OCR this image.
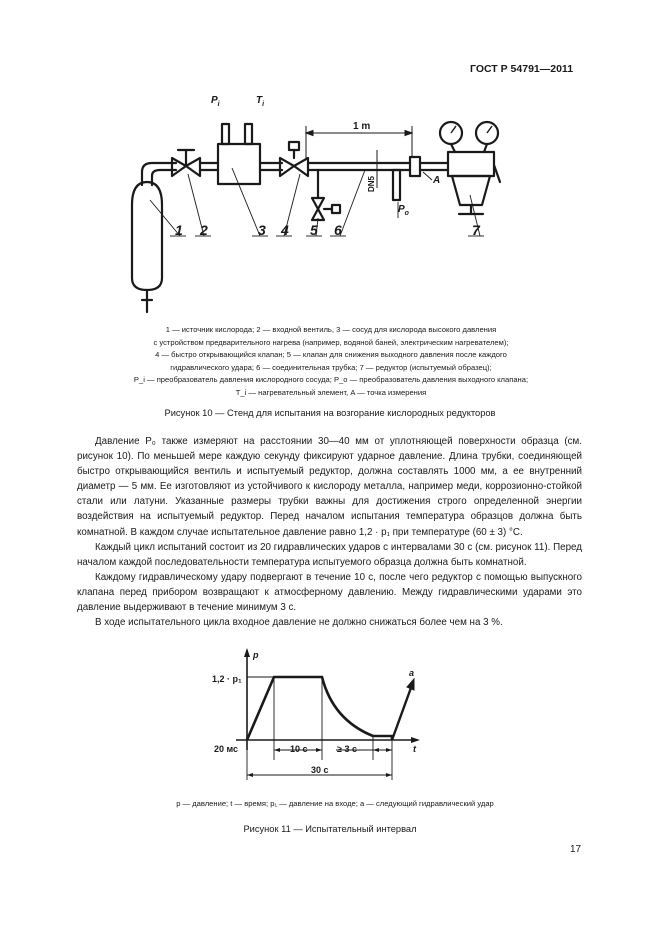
ГОСТ Р 54791—2011
$P_i$	$T_i$
1 m
$P_o$
A
DN5
1 2	3 4 5 6	7
p
t
1,2 · p₁
20 мс	10 с	≥ 3 с
30 с
a
1 — источник кислорода; 2 — входной вентиль, 3 — сосуд для кислорода высокого давления
с устройством предварительного нагрева (например, водяной баней, электрическим нагревателем);
4 — быстро открывающийся клапан; 5 — клапан для снижения выходного давления после каждого
гидравлического удара; 6 — соединительная трубка; 7 — редуктор (испытуемый образец);
P_i — преобразователь давления кислородного сосуда; P_o — преобразователь давления выходного клапана;
T_i — нагревательный элемент, A — точка измерения
Рисунок 10 — Стенд для испытания на возгорание кислородных редукторов

Давление P₀ также измеряют на расстоянии 30—40 мм от уплотняющей поверхности образца (см. рисунок 10). По меньшей мере каждую секунду фиксируют ударное давление. Длина трубки, соединяющей быстро открывающийся вентиль и испытуемый редуктор, должна составлять 1000 мм, а ее внутренний диаметр — 5 мм. Ее изготовляют из устойчивого к кислороду металла, например меди, коррозионно-стойкой стали или латуни. Указанные размеры трубки важны для достижения строго определенной энергии воздействия на испытуемый редуктор. Перед началом испытания температура образцов должна быть комнатной. В каждом случае испытательное давление равно 1,2 · p₁ при температуре (60 ± 3) °С.

Каждый цикл испытаний состоит из 20 гидравлических ударов с интервалами 30 с (см. рисунок 11). Перед началом каждой последовательности температура испытуемого образца должна быть комнатной.

Каждому гидравлическому удару подвергают в течение 10 с, после чего редуктор с помощью выпускного клапана перед прибором возвращают к атмосферному давлению. Между гидравлическими ударами это давление выдерживают в течение минимум 3 с.

В ходе испытательного цикла входное давление не должно снижаться более чем на 3 %.

p — давление; t — время; p₁ — давление на входе; a — следующий гидравлический удар
Рисунок 11 — Испытательный интервал
17
